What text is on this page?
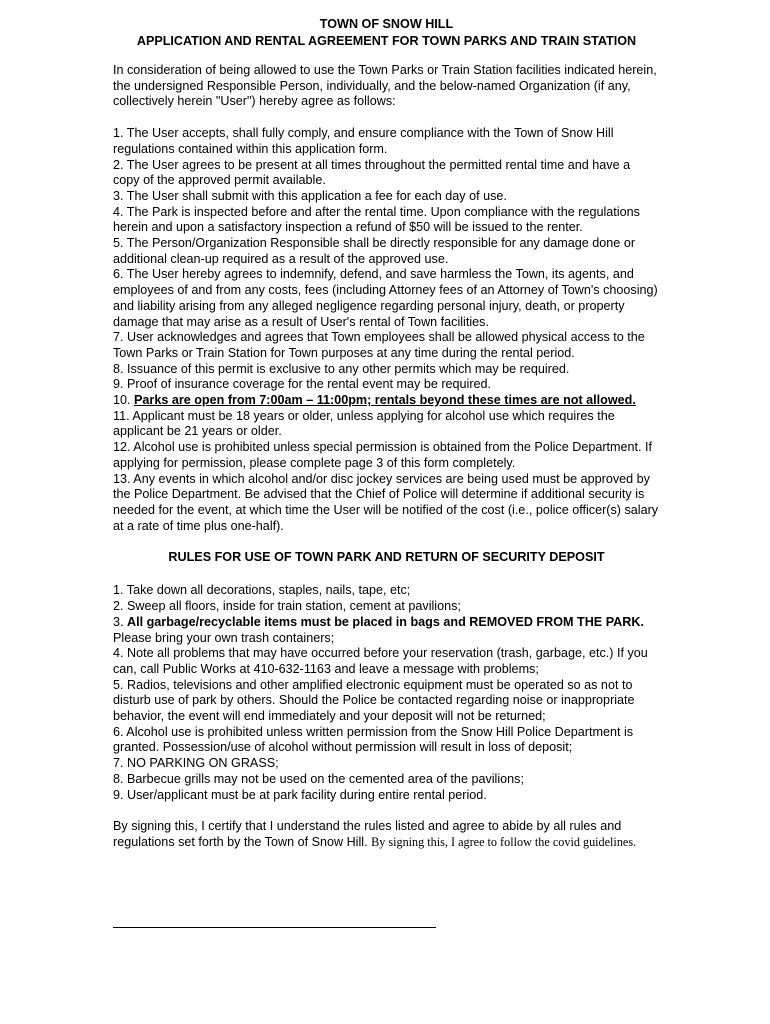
TOWN OF SNOW HILL
APPLICATION AND RENTAL AGREEMENT FOR TOWN PARKS AND TRAIN STATION

In consideration of being allowed to use the Town Parks or Train Station facilities indicated herein, the undersigned Responsible Person, individually, and the below-named Organization (if any, collectively herein "User") hereby agree as follows:

1. The User accepts, shall fully comply, and ensure compliance with the Town of Snow Hill regulations contained within this application form.

2. The User agrees to be present at all times throughout the permitted rental time and have a copy of the approved permit available.

3. The User shall submit with this application a fee for each day of use.

4. The Park is inspected before and after the rental time. Upon compliance with the regulations herein and upon a satisfactory inspection a refund of $50 will be issued to the renter.

5. The Person/Organization Responsible shall be directly responsible for any damage done or additional clean-up required as a result of the approved use.

6. The User hereby agrees to indemnify, defend, and save harmless the Town, its agents, and employees of and from any costs, fees (including Attorney fees of an Attorney of Town's choosing) and liability arising from any alleged negligence regarding personal injury, death, or property damage that may arise as a result of User's rental of Town facilities.

7. User acknowledges and agrees that Town employees shall be allowed physical access to the Town Parks or Train Station for Town purposes at any time during the rental period.

8. Issuance of this permit is exclusive to any other permits which may be required.

9. Proof of insurance coverage for the rental event may be required.

10. Parks are open from 7:00am – 11:00pm; rentals beyond these times are not allowed.

11. Applicant must be 18 years or older, unless applying for alcohol use which requires the applicant be 21 years or older.

12. Alcohol use is prohibited unless special permission is obtained from the Police Department. If applying for permission, please complete page 3 of this form completely.

13. Any events in which alcohol and/or disc jockey services are being used must be approved by the Police Department. Be advised that the Chief of Police will determine if additional security is needed for the event, at which time the User will be notified of the cost (i.e., police officer(s) salary at a rate of time plus one-half).

RULES FOR USE OF TOWN PARK AND RETURN OF SECURITY DEPOSIT

1. Take down all decorations, staples, nails, tape, etc;

2. Sweep all floors, inside for train station, cement at pavilions;

3. All garbage/recyclable items must be placed in bags and REMOVED FROM THE PARK.  Please bring your own trash containers;

4. Note all problems that may have occurred before your reservation (trash, garbage, etc.) If you can, call Public Works at 410-632-1163 and leave a message with problems;

5. Radios, televisions and other amplified electronic equipment must be operated so as not to disturb use of park by others. Should the Police be contacted regarding noise or inappropriate behavior, the event will end immediately and your deposit will not be returned;

6. Alcohol use is prohibited unless written permission from the Snow Hill Police Department is granted. Possession/use of alcohol without permission will result in loss of deposit;

7. NO PARKING ON GRASS;

8. Barbecue grills may not be used on the cemented area of the pavilions;

9. User/applicant must be at park facility during entire rental period.

By signing this, I certify that I understand the rules listed and agree to abide by all rules and regulations set forth by the Town of Snow Hill. By signing this, I agree to follow the covid guidelines.
